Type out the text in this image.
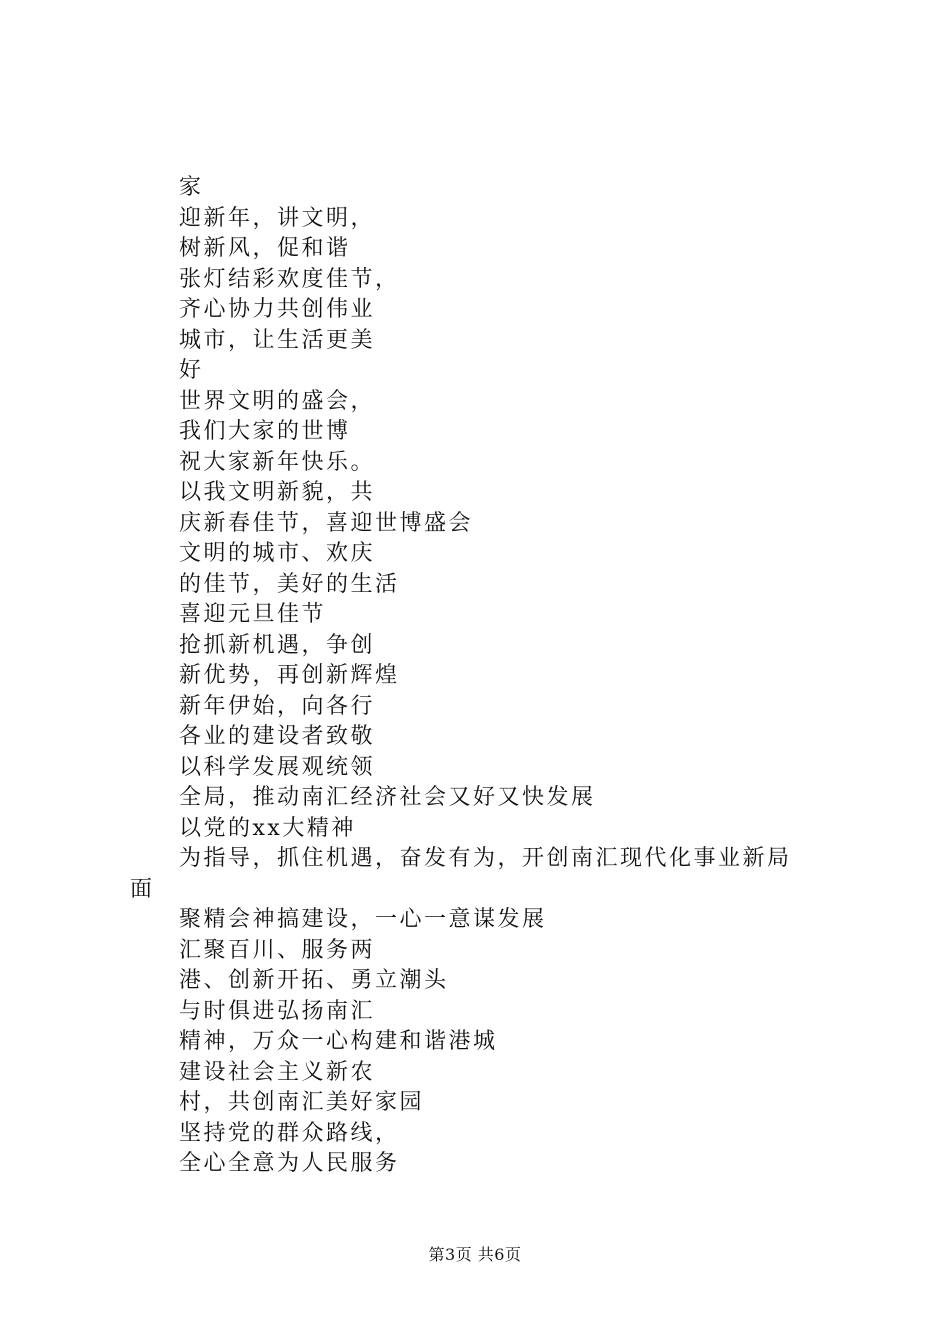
家
迎新年，讲文明，
树新风，促和谐
张灯结彩欢度佳节，
齐心协力共创伟业
城市，让生活更美
好
世界文明的盛会，
我们大家的世博
祝大家新年快乐。
以我文明新貌，共
庆新春佳节，喜迎世博盛会
文明的城市、欢庆
的佳节，美好的生活
喜迎元旦佳节
抢抓新机遇，争创
新优势，再创新辉煌
新年伊始，向各行
各业的建设者致敬
以科学发展观统领
全局，推动南汇经济社会又好又快发展
以党的xx大精神
为指导，抓住机遇，奋发有为，开创南汇现代化事业新局
面
聚精会神搞建设，一心一意谋发展
汇聚百川、服务两
港、创新开拓、勇立潮头
与时俱进弘扬南汇
精神，万众一心构建和谐港城
建设社会主义新农
村，共创南汇美好家园
坚持党的群众路线，
全心全意为人民服务
第3页 共6页
